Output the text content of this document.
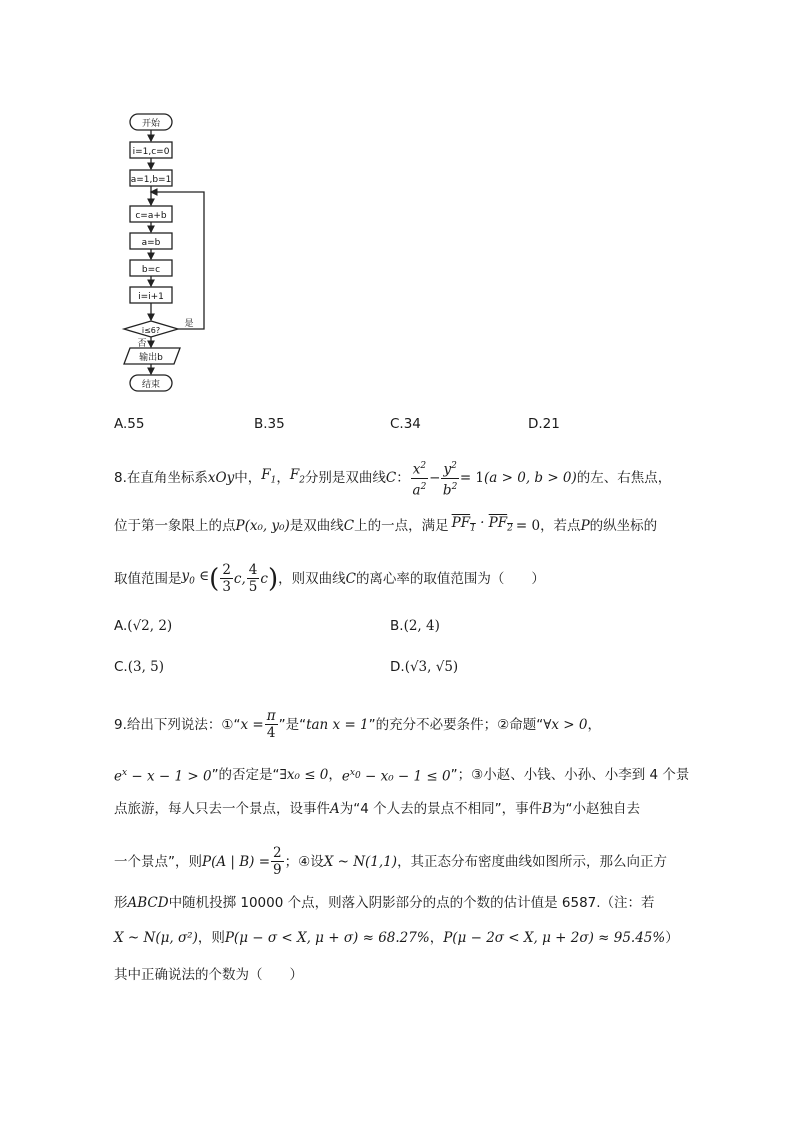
开始
i=1,c=0
a=1,b=1
c=a+b
a=b
b=c
i=i+1
i≤6?
是
否
输出b
结束
A.55	B.35	C.34	D.21
8.在直角坐标系 xOy 中， $F_1$ ， $F_2$ 分别是双曲线 C ： $\frac{x^2}{a^2} - \frac{y^2}{b^2} = 1$ (a > 0, b > 0) 的左、右焦点，
位于第一象限上的点 P(x₀, y₀) 是双曲线 C 上的一点，满足 $PF_1 \cdot PF_2 = 0$ ，若点 P 的纵坐标的
取值范围是 $y_0$ ∈ ( $\frac{2}{3} c$, $\frac{4}{5}$ c ) ，则双曲线 C 的离心率的取值范围为（　　）
A.(√2, 2)	B.(2, 4)
C.(3, 5)	D.(√3, √5)
9.给出下列说法：①“ $x = \frac{\pi}{4}$ ”是“ tan x = 1 ”的充分不必要条件；②命题“ ∀x > 0 ，
$e^x - x - 1 > 0$ ”的否定是“ ∃x₀ ≤ 0 ， $e^{x_0} - x_0 - 1 \le 0$ ”；③小赵、小钱、小孙、小李到 4 个景
点旅游，每人只去一个景点，设事件 A 为“4 个人去的景点不相同”，事件 B 为“小赵独自去
一个景点”，则 P(A | $B) = \frac{2}{9}$ ；④设 X ~ N(1,1) ，其正态分布密度曲线如图所示，那么向正方
形 ABCD 中随机投掷 10000 个点，则落入阴影部分的点的个数的估计值是 6587.（注：若
X ~ N(μ, σ²) ，则 P(μ − σ < X, μ + σ) ≈ 68.27% ， P(μ − 2σ < X, μ + 2σ) ≈ 95.45% ）
其中正确说法的个数为（　　）
